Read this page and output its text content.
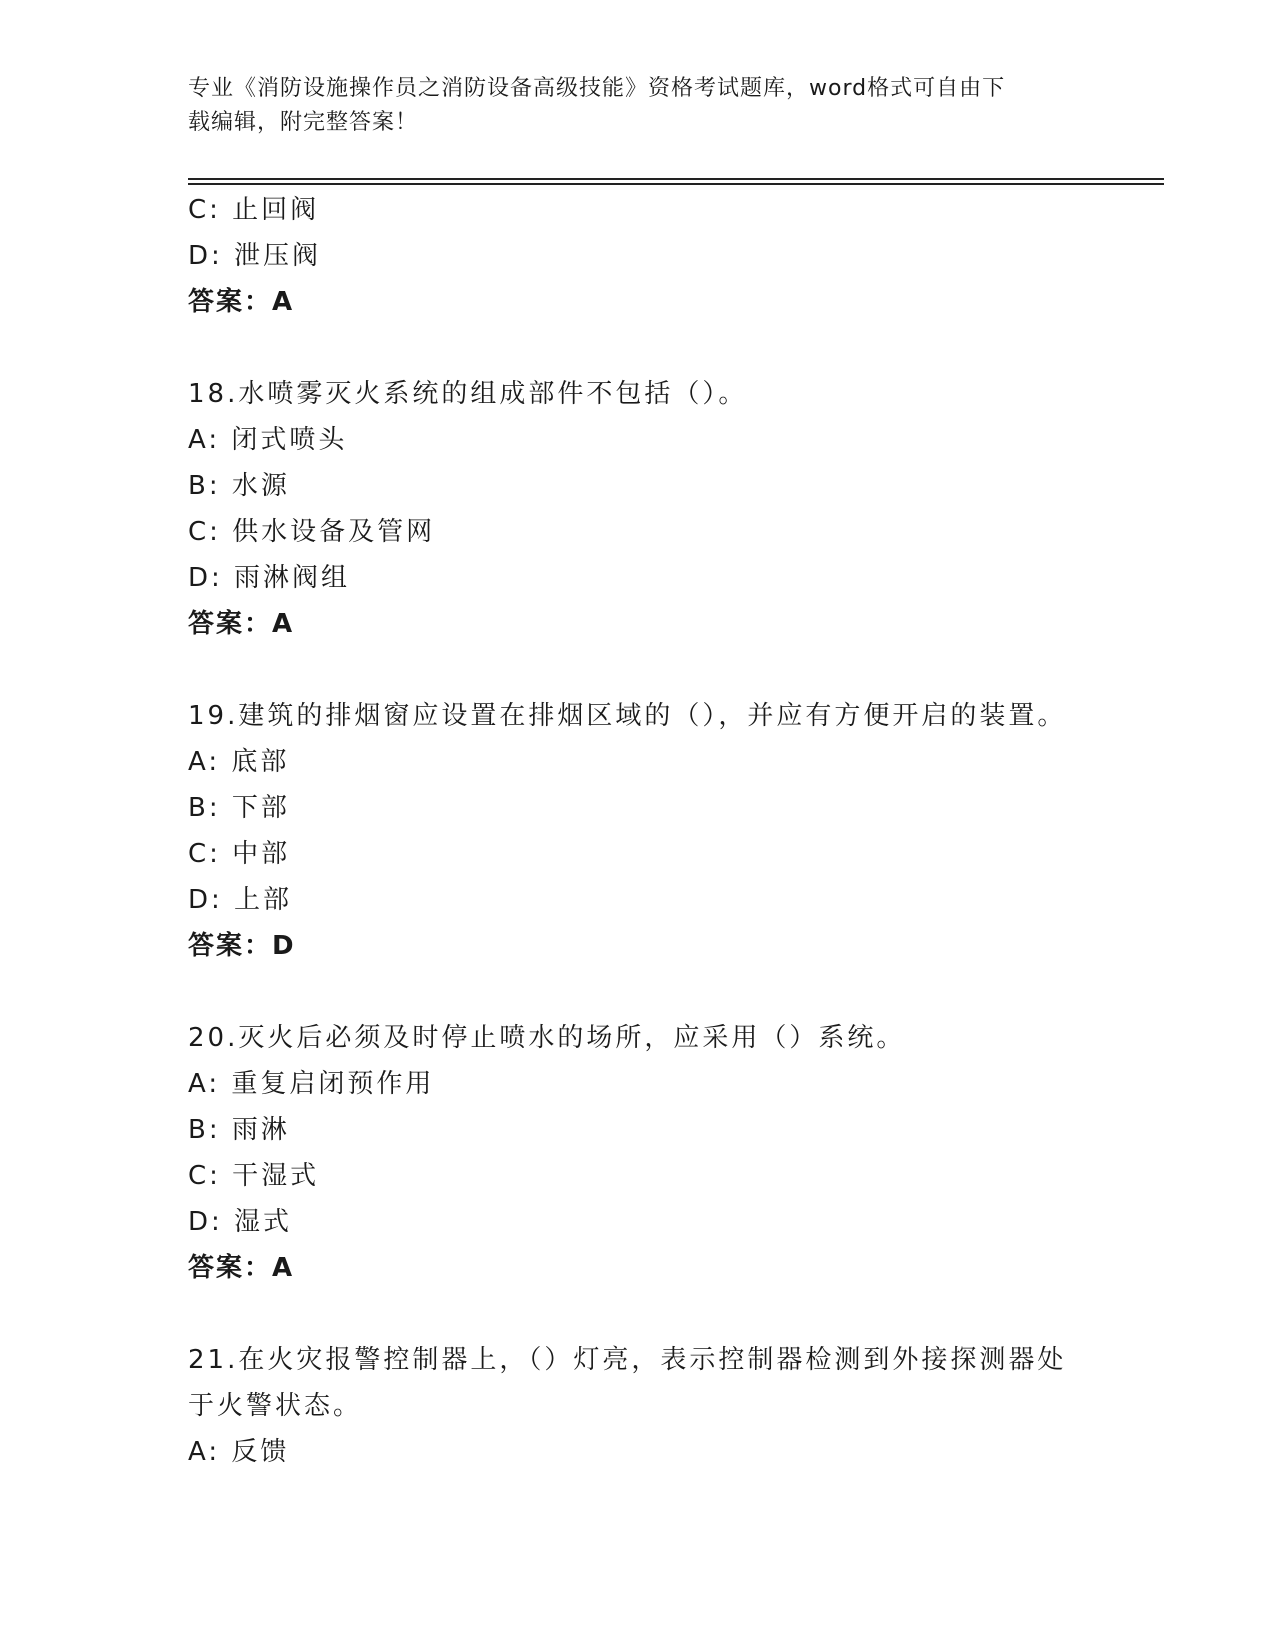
专业《消防设施操作员之消防设备高级技能》资格考试题库，word格式可自由下
载编辑，附完整答案！
C: 止回阀
D: 泄压阀
答案：A
18.水喷雾灭火系统的组成部件不包括（）。
A: 闭式喷头
B: 水源
C: 供水设备及管网
D: 雨淋阀组
答案：A
19.建筑的排烟窗应设置在排烟区域的（），并应有方便开启的装置。
A: 底部
B: 下部
C: 中部
D: 上部
答案：D
20.灭火后必须及时停止喷水的场所，应采用（）系统。
A: 重复启闭预作用
B: 雨淋
C: 干湿式
D: 湿式
答案：A
21.在火灾报警控制器上，（）灯亮，表示控制器检测到外接探测器处
于火警状态。
A: 反馈
